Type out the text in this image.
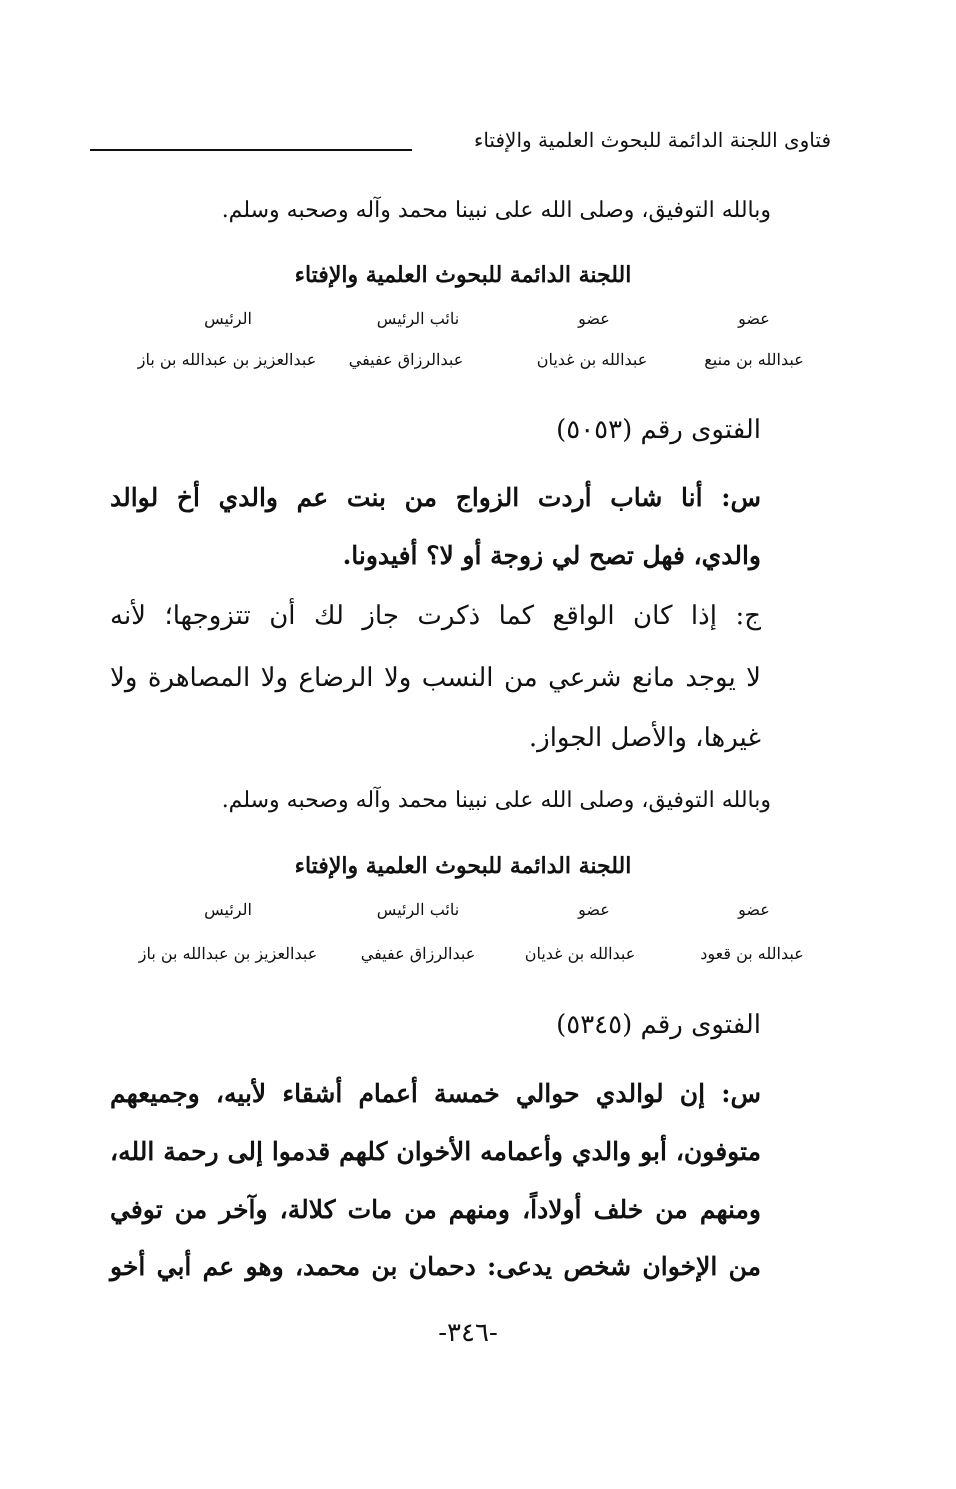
فتاوى اللجنة الدائمة للبحوث العلمية والإفتاء
وبالله التوفيق، وصلى الله على نبينا محمد وآله وصحبه وسلم.
اللجنة الدائمة للبحوث العلمية والإفتاء
عضو
عضو
نائب الرئيس
الرئيس
عبدالله بن منيع
عبدالله بن غديان
عبدالرزاق عفيفي
عبدالعزيز بن عبدالله بن باز
الفتوى رقم (٥٠٥٣)
س: أنا شاب أردت الزواج من بنت عم والدي أخ لوالد
والدي، فهل تصح لي زوجة أو لا؟ أفيدونا.
ج: إذا كان الواقع كما ذكرت جاز لك أن تتزوجها؛ لأنه
لا يوجد مانع شرعي من النسب ولا الرضاع ولا المصاهرة ولا
غيرها، والأصل الجواز.
وبالله التوفيق، وصلى الله على نبينا محمد وآله وصحبه وسلم.
اللجنة الدائمة للبحوث العلمية والإفتاء
عضو
عضو
نائب الرئيس
الرئيس
عبدالله بن قعود
عبدالله بن غديان
عبدالرزاق عفيفي
عبدالعزيز بن عبدالله بن باز
الفتوى رقم (٥٣٤٥)
س: إن لوالدي حوالي خمسة أعمام أشقاء لأبيه، وجميعهم
متوفون، أبو والدي وأعمامه الأخوان كلهم قدموا إلى رحمة الله،
ومنهم من خلف أولاداً، ومنهم من مات كلالة، وآخر من توفي
من الإخوان شخص يدعى: دحمان بن محمد، وهو عم أبي أخو
-٣٤٦-
